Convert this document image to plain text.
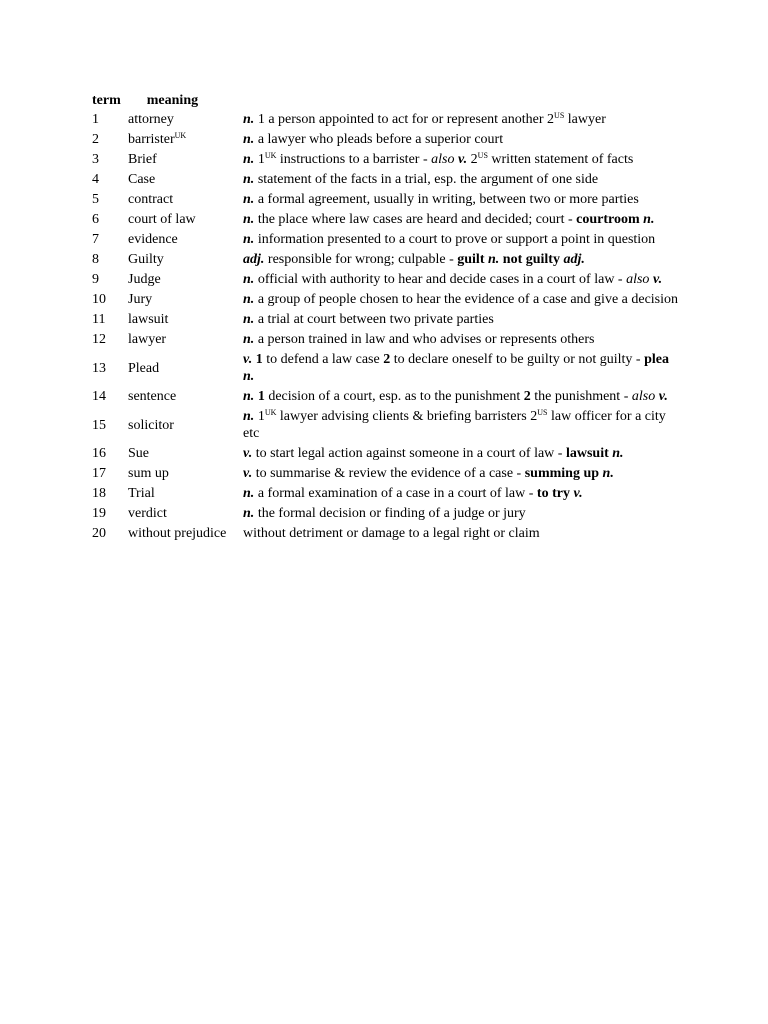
term meaning		
1	attorney	n. 1 a person appointed to act for or represent another $2^{US}$ lawyer
2	barrister$^{UK}$	n. a lawyer who pleads before a superior court
3	Brief	n. $1^{UK}$ instructions to a barrister - also v. $2^{US}$ written statement of facts
4	Case	n. statement of the facts in a trial, esp. the argument of one side
5	contract	n. a formal agreement, usually in writing, between two or more parties
6	court of law	n. the place where law cases are heard and decided; court - courtroom n.
7	evidence	n. information presented to a court to prove or support a point in question
8	Guilty	adj. responsible for wrong; culpable - guilt n. not guilty adj.
9	Judge	n. official with authority to hear and decide cases in a court of law - also v.
10	Jury	n. a group of people chosen to hear the evidence of a case and give a decision
11	lawsuit	n. a trial at court between two private parties
12	lawyer	n. a person trained in law and who advises or represents others
13	Plead	v. 1 to defend a law case 2 to declare oneself to be guilty or not guilty - plea n.
14	sentence	n. 1 decision of a court, esp. as to the punishment 2 the punishment - also v.
15	solicitor	n. $1^{UK}$ lawyer advising clients & briefing barristers $2^{US}$ law officer for a city etc
16	Sue	v. to start legal action against someone in a court of law - lawsuit n.
17	sum up	v. to summarise & review the evidence of a case - summing up n.
18	Trial	n. a formal examination of a case in a court of law - to try v.
19	verdict	n. the formal decision or finding of a judge or jury
20	without prejudice	without detriment or damage to a legal right or claim
